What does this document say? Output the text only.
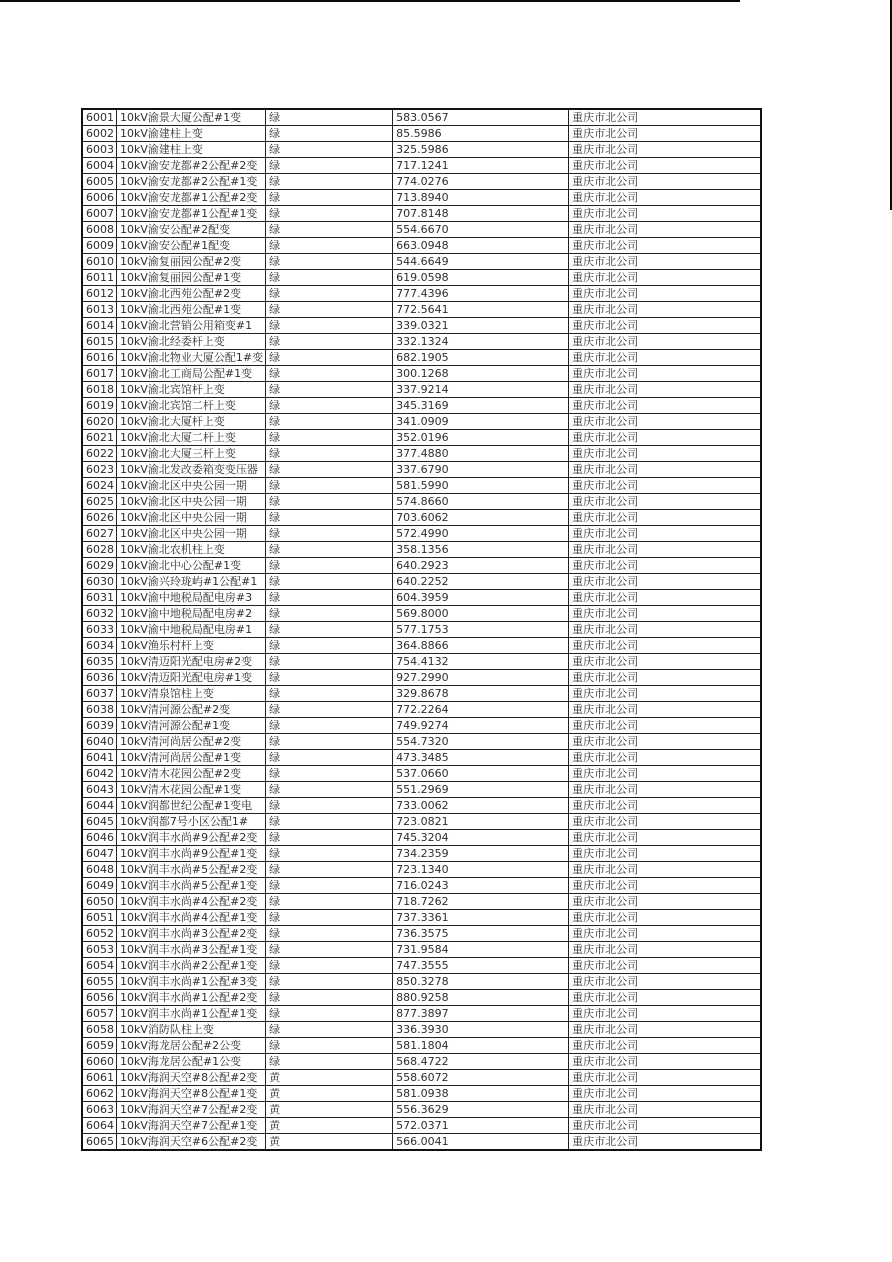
6001	10kV渝景大厦公配#1变	绿	583.0567	重庆市北公司
6002	10kV渝建柱上变	绿	85.5986	重庆市北公司
6003	10kV渝建柱上变	绿	325.5986	重庆市北公司
6004	10kV渝安龙都#2公配#2变	绿	717.1241	重庆市北公司
6005	10kV渝安龙都#2公配#1变	绿	774.0276	重庆市北公司
6006	10kV渝安龙都#1公配#2变	绿	713.8940	重庆市北公司
6007	10kV渝安龙都#1公配#1变	绿	707.8148	重庆市北公司
6008	10kV渝安公配#2配变	绿	554.6670	重庆市北公司
6009	10kV渝安公配#1配变	绿	663.0948	重庆市北公司
6010	10kV渝复丽园公配#2变	绿	544.6649	重庆市北公司
6011	10kV渝复丽园公配#1变	绿	619.0598	重庆市北公司
6012	10kV渝北西苑公配#2变	绿	777.4396	重庆市北公司
6013	10kV渝北西苑公配#1变	绿	772.5641	重庆市北公司
6014	10kV渝北营销公用箱变#1	绿	339.0321	重庆市北公司
6015	10kV渝北经委杆上变	绿	332.1324	重庆市北公司
6016	10kV渝北物业大厦公配1#变	绿	682.1905	重庆市北公司
6017	10kV渝北工商局公配#1变	绿	300.1268	重庆市北公司
6018	10kV渝北宾馆杆上变	绿	337.9214	重庆市北公司
6019	10kV渝北宾馆二杆上变	绿	345.3169	重庆市北公司
6020	10kV渝北大厦杆上变	绿	341.0909	重庆市北公司
6021	10kV渝北大厦二杆上变	绿	352.0196	重庆市北公司
6022	10kV渝北大厦三杆上变	绿	377.4880	重庆市北公司
6023	10kV渝北发改委箱变变压器	绿	337.6790	重庆市北公司
6024	10kV渝北区中央公园一期	绿	581.5990	重庆市北公司
6025	10kV渝北区中央公园一期	绿	574.8660	重庆市北公司
6026	10kV渝北区中央公园一期	绿	703.6062	重庆市北公司
6027	10kV渝北区中央公园一期	绿	572.4990	重庆市北公司
6028	10kV渝北农机柱上变	绿	358.1356	重庆市北公司
6029	10kV渝北中心公配#1变	绿	640.2923	重庆市北公司
6030	10kV渝兴玲珑屿#1公配#1	绿	640.2252	重庆市北公司
6031	10kV渝中地税局配电房#3	绿	604.3959	重庆市北公司
6032	10kV渝中地税局配电房#2	绿	569.8000	重庆市北公司
6033	10kV渝中地税局配电房#1	绿	577.1753	重庆市北公司
6034	10kV渔乐村杆上变	绿	364.8866	重庆市北公司
6035	10kV清迈阳光配电房#2变	绿	754.4132	重庆市北公司
6036	10kV清迈阳光配电房#1变	绿	927.2990	重庆市北公司
6037	10kV清泉馆柱上变	绿	329.8678	重庆市北公司
6038	10kV清河源公配#2变	绿	772.2264	重庆市北公司
6039	10kV清河源公配#1变	绿	749.9274	重庆市北公司
6040	10kV清河尚居公配#2变	绿	554.7320	重庆市北公司
6041	10kV清河尚居公配#1变	绿	473.3485	重庆市北公司
6042	10kV清木花园公配#2变	绿	537.0660	重庆市北公司
6043	10kV清木花园公配#1变	绿	551.2969	重庆市北公司
6044	10kV润都世纪公配#1变电	绿	733.0062	重庆市北公司
6045	10kV润都7号小区公配1#	绿	723.0821	重庆市北公司
6046	10kV润丰水尚#9公配#2变	绿	745.3204	重庆市北公司
6047	10kV润丰水尚#9公配#1变	绿	734.2359	重庆市北公司
6048	10kV润丰水尚#5公配#2变	绿	723.1340	重庆市北公司
6049	10kV润丰水尚#5公配#1变	绿	716.0243	重庆市北公司
6050	10kV润丰水尚#4公配#2变	绿	718.7262	重庆市北公司
6051	10kV润丰水尚#4公配#1变	绿	737.3361	重庆市北公司
6052	10kV润丰水尚#3公配#2变	绿	736.3575	重庆市北公司
6053	10kV润丰水尚#3公配#1变	绿	731.9584	重庆市北公司
6054	10kV润丰水尚#2公配#1变	绿	747.3555	重庆市北公司
6055	10kV润丰水尚#1公配#3变	绿	850.3278	重庆市北公司
6056	10kV润丰水尚#1公配#2变	绿	880.9258	重庆市北公司
6057	10kV润丰水尚#1公配#1变	绿	877.3897	重庆市北公司
6058	10kV消防队柱上变	绿	336.3930	重庆市北公司
6059	10kV海龙居公配#2公变	绿	581.1804	重庆市北公司
6060	10kV海龙居公配#1公变	绿	568.4722	重庆市北公司
6061	10kV海润天空#8公配#2变	黄	558.6072	重庆市北公司
6062	10kV海润天空#8公配#1变	黄	581.0938	重庆市北公司
6063	10kV海润天空#7公配#2变	黄	556.3629	重庆市北公司
6064	10kV海润天空#7公配#1变	黄	572.0371	重庆市北公司
6065	10kV海润天空#6公配#2变	黄	566.0041	重庆市北公司
